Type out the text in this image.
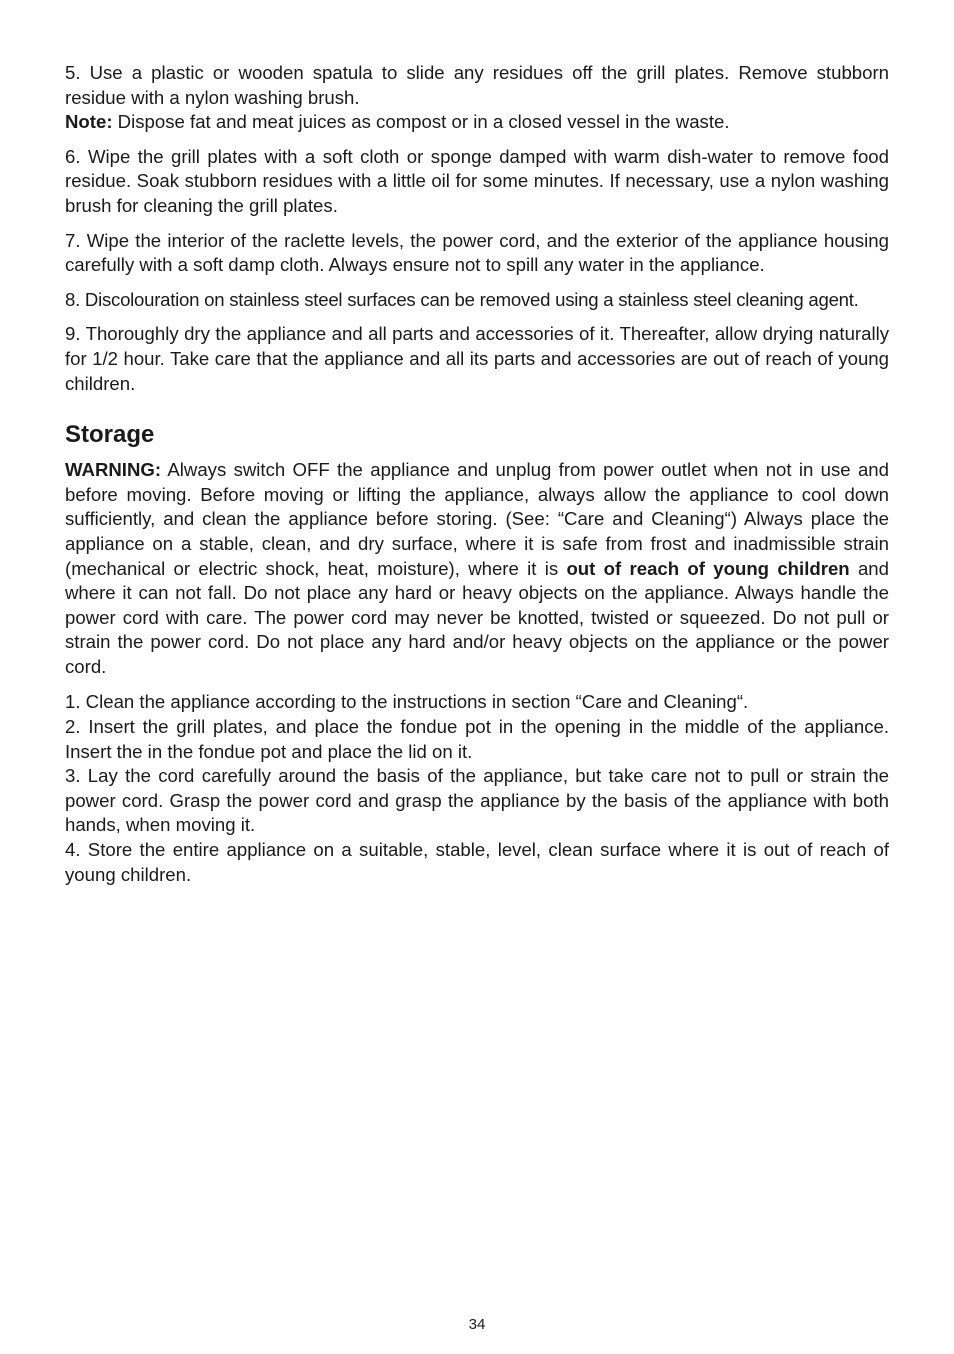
5. Use a plastic or wooden spatula to slide any residues off the grill plates. Remove stubborn residue with a nylon washing brush.

Note: Dispose fat and meat juices as compost or in a closed vessel in the waste.

6. Wipe the grill plates with a soft cloth or sponge damped with warm dish-water to remove food residue. Soak stubborn residues with a little oil for some minutes. If necessary, use a nylon washing brush for cleaning the grill plates.

7. Wipe the interior of the raclette levels, the power cord, and the exterior of the appliance housing carefully with a soft damp cloth. Always ensure not to spill any water in the appliance.

8. Discolouration on stainless steel surfaces can be removed using a stainless steel cleaning agent.

9. Thoroughly dry the appliance and all parts and accessories of it. Thereafter, allow drying naturally for 1/2 hour. Take care that the appliance and all its parts and accessories are out of reach of young children.

Storage

WARNING: Always switch OFF the appliance and unplug from power outlet when not in use and before moving. Before moving or lifting the appliance, always allow the appliance to cool down sufficiently, and clean the appliance before storing. (See: “Care and Cleaning“) Always place the appliance on a stable, clean, and dry surface, where it is safe from frost and inadmissible strain (mechanical or electric shock, heat, moisture), where it is out of reach of young children and where it can not fall. Do not place any hard or heavy objects on the appliance. Always handle the power cord with care. The power cord may never be knotted, twisted or squeezed. Do not pull or strain the power cord. Do not place any hard and/or heavy objects on the appliance or the power cord.

1. Clean the appliance according to the instructions in section “Care and Cleaning“.

2. Insert the grill plates, and place the fondue pot in the opening in the middle of the appliance. Insert the in the fondue pot and place the lid on it.

3. Lay the cord carefully around the basis of the appliance, but take care not to pull or strain the power cord. Grasp the power cord and grasp the appliance by the basis of the appliance with both hands, when moving it.

4. Store the entire appliance on a suitable, stable, level, clean surface where it is out of reach of young children.

34
